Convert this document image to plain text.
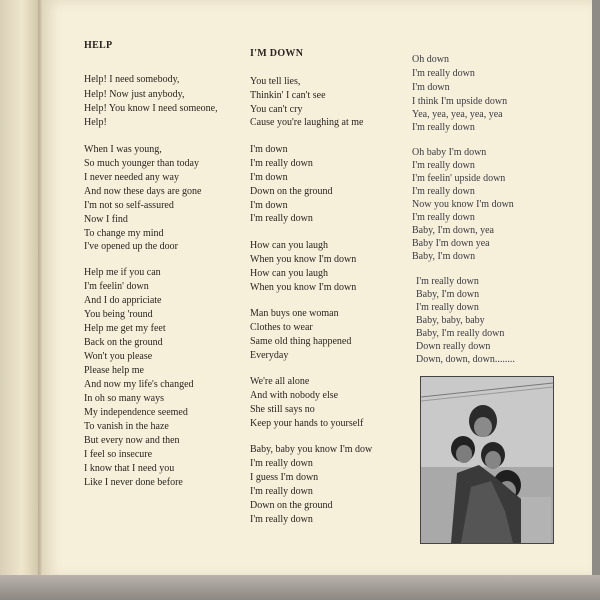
HELP
Help! I need somebody,
Help! Now just anybody,
Help! You know I need someone,
Help!
When I was young,
So much younger than today
I never needed any way
And now these days are gone
I'm not so self-assured
Now I find
To change my mind
I've opened up the door
Help me if you can
I'm feelin' down
And I do appriciate
You being 'round
Help me get my feet
Back on the ground
Won't you please
Please help me
And now my life's changed
In oh so many ways
My independence seemed
To vanish in the haze
But every now and then
I feel so insecure
I know that I need you
Like I never done before
I'M DOWN
You tell lies,
Thinkin' I can't see
You can't cry
Cause you're laughing at me
I'm down
I'm really down
I'm down
Down on the ground
I'm down
I'm really down
How can you laugh
When you know I'm down
How can you laugh
When you know I'm down
Man buys one woman
Clothes to wear
Same old thing happened
Everyday
We're all alone
And with nobody else
She still says no
Keep your hands to yourself
Baby, baby you know I'm dow
I'm really down
I guess I'm down
I'm really down
Down on the ground
I'm really down
Oh down
I'm really down
I'm down
I think I'm upside down
Yea, yea, yea, yea, yea
I'm really down
Oh baby I'm down
I'm really down
I'm feelin' upside down
I'm really down
Now you know I'm down
I'm really down
Baby, I'm down, yea
Baby I'm down yea
Baby, I'm down
I'm really down
Baby, I'm down
I'm really down
Baby, baby, baby
Baby, I'm really down
Down really down
Down, down, down........
